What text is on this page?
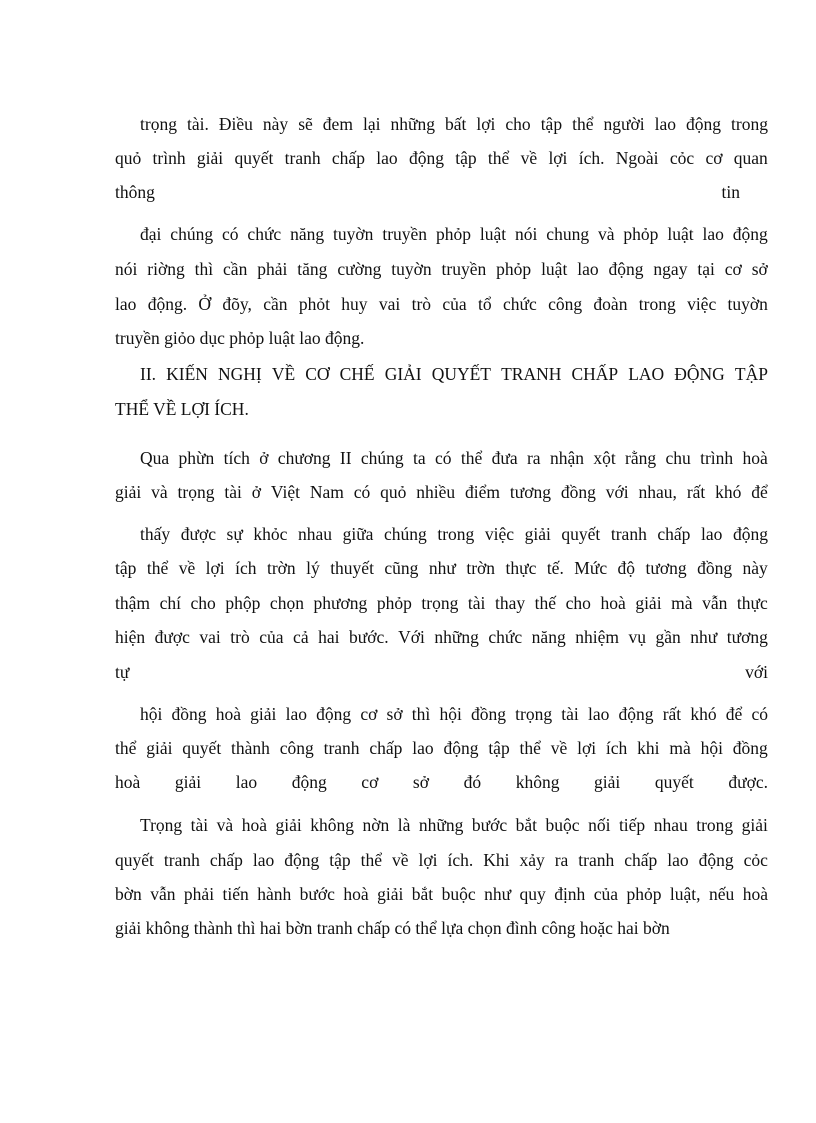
trọng tài. Điều này sẽ đem lại những bất lợi cho tập thể người lao động trong
quỏ trình giải quyết tranh chấp lao động tập thể về lợi ích. Ngoài cỏc cơ quan
thông	tin
đại chúng có chức năng tuyờn truyền phỏp luật nói chung và phỏp luật lao động
nói riờng thì cần phải tăng cường tuyờn truyền phỏp luật lao động ngay tại cơ sở
lao động. Ở đõy, cần phỏt huy vai trò của tổ chức công đoàn trong việc tuyờn
truyền giỏo dục phỏp luật lao động.
II. KIẾN NGHỊ VỀ CƠ CHẾ GIẢI QUYẾT TRANH CHẤP LAO ĐỘNG TẬP
THỂ VỀ LỢI ÍCH.
Qua phừn tích ở chương II chúng ta có thể đưa ra nhận xột rằng chu trình hoà
giải và trọng tài ở Việt Nam có quỏ nhiều điểm tương đồng với nhau, rất khó để
thấy được sự khỏc nhau giữa chúng trong việc giải quyết tranh chấp lao động
tập thể về lợi ích trờn lý thuyết cũng như trờn thực tế. Mức độ tương đồng này
thậm chí cho phộp chọn phương phỏp trọng tài thay thế cho hoà giải mà vẫn thực
hiện được vai trò của cả hai bước. Với những chức năng nhiệm vụ gần như tương
tự	với
hội đồng hoà giải lao động cơ sở thì hội đồng trọng tài lao động rất khó để có
thể giải quyết thành công tranh chấp lao động tập thể về lợi ích khi mà hội đồng
hoà giải lao động cơ sở đó không giải quyết được.
Trọng tài và hoà giải không nờn là những bước bắt buộc nối tiếp nhau trong giải
quyết tranh chấp lao động tập thể về lợi ích. Khi xảy ra tranh chấp lao động cỏc
bờn vẫn phải tiến hành bước hoà giải bắt buộc như quy định của phỏp luật, nếu hoà
giải không thành thì hai bờn tranh chấp có thể lựa chọn đình công hoặc hai bờn
